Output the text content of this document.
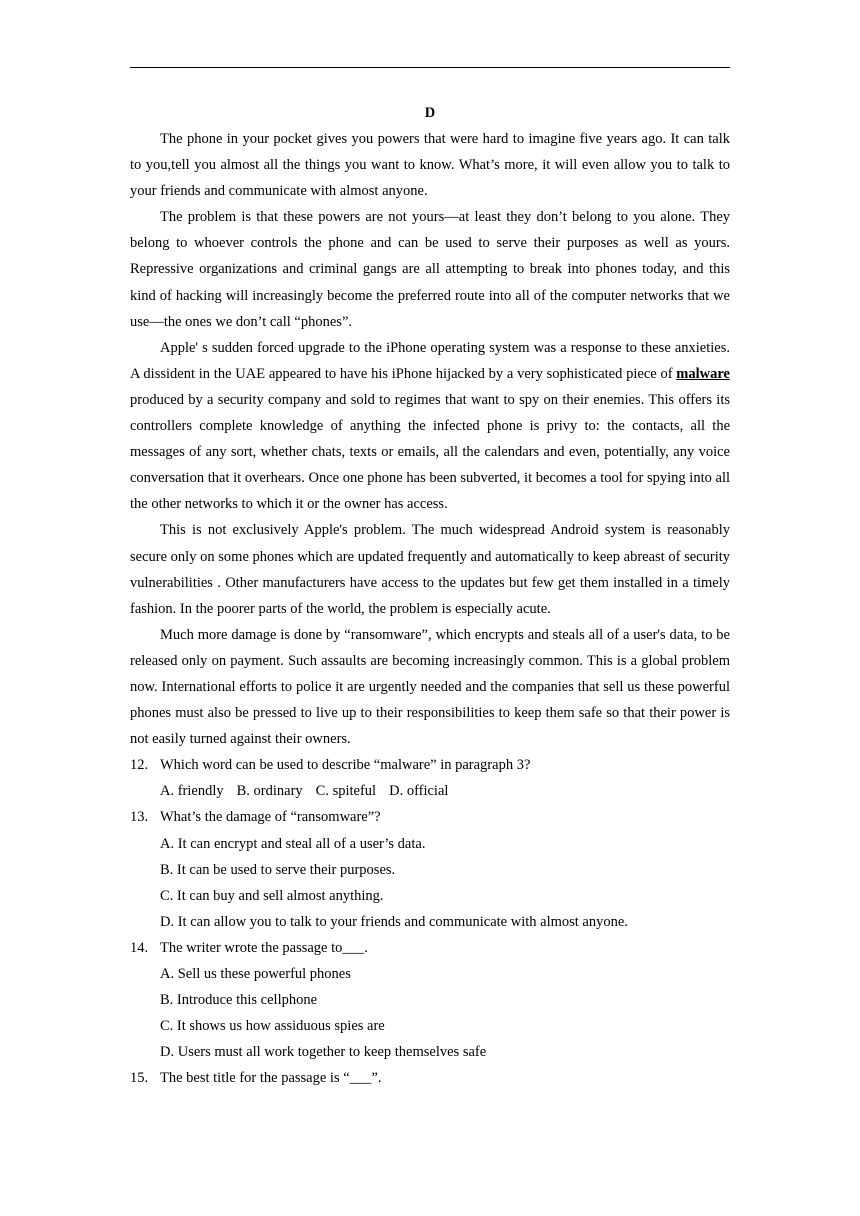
D

The phone in your pocket gives you powers that were hard to imagine five years ago. It can talk to you,tell you almost all the things you want to know. What’s more, it will even allow you to talk to your friends and communicate with almost anyone.

The problem is that these powers are not yours—at least they don’t belong to you alone. They belong to whoever controls the phone and can be used to serve their purposes as well as yours. Repressive organizations and criminal gangs are all attempting to break into phones today, and this kind of hacking will increasingly become the preferred route into all of the computer networks that we use—the ones we don’t call “phones”.

Apple' s sudden forced upgrade to the iPhone operating system was a response to these anxieties. A dissident in the UAE appeared to have his iPhone hijacked by a very sophisticated piece of malware produced by a security company and sold to regimes that want to spy on their enemies. This offers its controllers complete knowledge of anything the infected phone is privy to: the contacts, all the messages of any sort, whether chats, texts or emails, all the calendars and even, potentially, any voice conversation that it overhears. Once one phone has been subverted, it becomes a tool for spying into all the other networks to which it or the owner has access.

This is not exclusively Apple's problem. The much widespread Android system is reasonably secure only on some phones which are updated frequently and automatically to keep abreast of security vulnerabilities . Other manufacturers have access to the updates but few get them installed in a timely fashion. In the poorer parts of the world, the problem is especially acute.

Much more damage is done by “ransomware”, which encrypts and steals all of a user's data, to be released only on payment. Such assaults are becoming increasingly common. This is a global problem now. International efforts to police it are urgently needed and the companies that sell us these powerful phones must also be pressed to live up to their responsibilities to keep them safe so that their power is not easily turned against their owners.

12. Which word can be used to describe “malware” in paragraph 3?
A. friendly B. ordinary C. spiteful D. official
13. What’s the damage of “ransomware”?
A. It can encrypt and steal all of a user’s data.
B. It can be used to serve their purposes.
C. It can buy and sell almost anything.
D. It can allow you to talk to your friends and communicate with almost anyone.
14. The writer wrote the passage to___.
A. Sell us these powerful phones
B. Introduce this cellphone
C. It shows us how assiduous spies are
D. Users must all work together to keep themselves safe
15. The best title for the passage is “___”.
